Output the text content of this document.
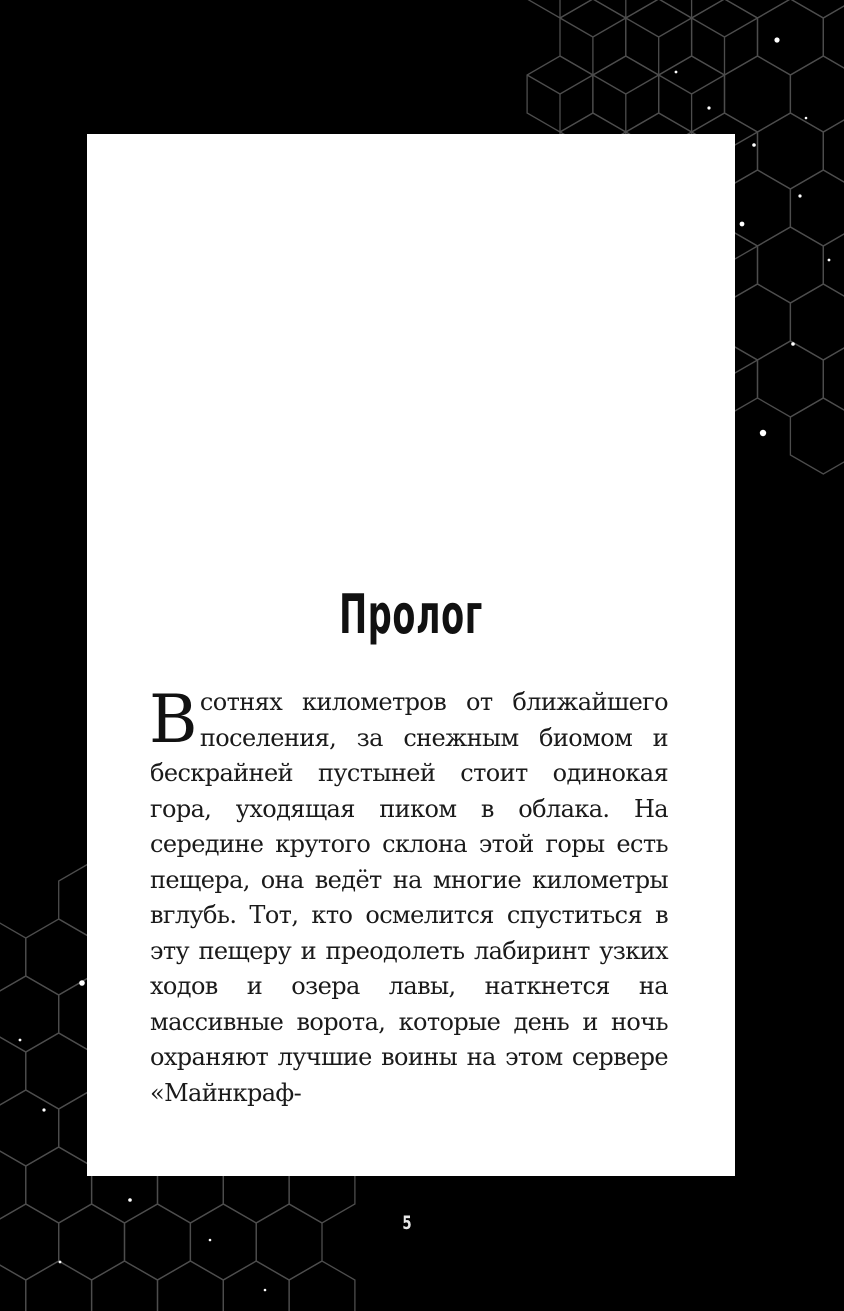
Пролог

Всотнях километров от ближайшего поселения, за снежным биомом и бескрайней пустыней стоит одинокая гора, уходящая пиком в облака. На середине крутого склона этой горы есть пещера, она ведёт на многие километры вглубь. Тот, кто осмелится спуститься в эту пещеру и преодолеть лабиринт узких ходов и озера лавы, наткнется на массивные ворота, которые день и ночь охраняют лучшие воины на этом сервере «Майнкраф-

5
